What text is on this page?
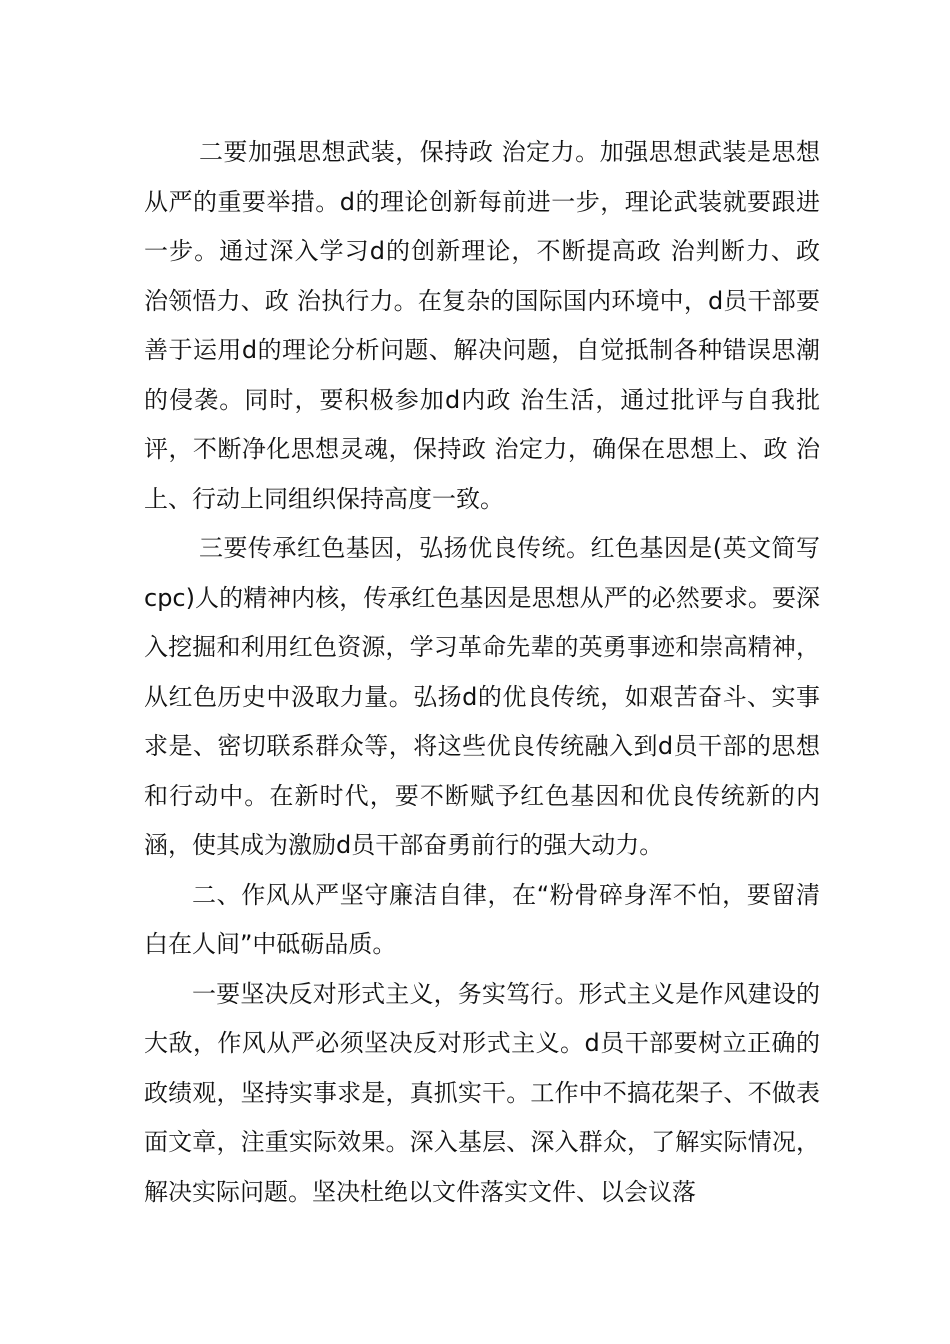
二要加强思想武装，保持政 治定力。加强思想武装是思想从严的重要举措。d的理论创新每前进一步，理论武装就要跟进一步。通过深入学习d的创新理论，不断提高政 治判断力、政 治领悟力、政 治执行力。在复杂的国际国内环境中，d员干部要善于运用d的理论分析问题、解决问题，自觉抵制各种错误思潮的侵袭。同时，要积极参加d内政 治生活，通过批评与自我批评，不断净化思想灵魂，保持政 治定力，确保在思想上、政 治上、行动上同组织保持高度一致。

三要传承红色基因，弘扬优良传统。红色基因是(英文简写cpc)人的精神内核，传承红色基因是思想从严的必然要求。要深入挖掘和利用红色资源，学习革命先辈的英勇事迹和崇高精神，从红色历史中汲取力量。弘扬d的优良传统，如艰苦奋斗、实事求是、密切联系群众等，将这些优良传统融入到d员干部的思想和行动中。在新时代，要不断赋予红色基因和优良传统新的内涵，使其成为激励d员干部奋勇前行的强大动力。

二、作风从严坚守廉洁自律，在“粉骨碎身浑不怕，要留清白在人间”中砥砺品质。

一要坚决反对形式主义，务实笃行。形式主义是作风建设的大敌，作风从严必须坚决反对形式主义。d员干部要树立正确的政绩观，坚持实事求是，真抓实干。工作中不搞花架子、不做表面文章，注重实际效果。深入基层、深入群众，了解实际情况，解决实际问题。坚决杜绝以文件落实文件、以会议落
